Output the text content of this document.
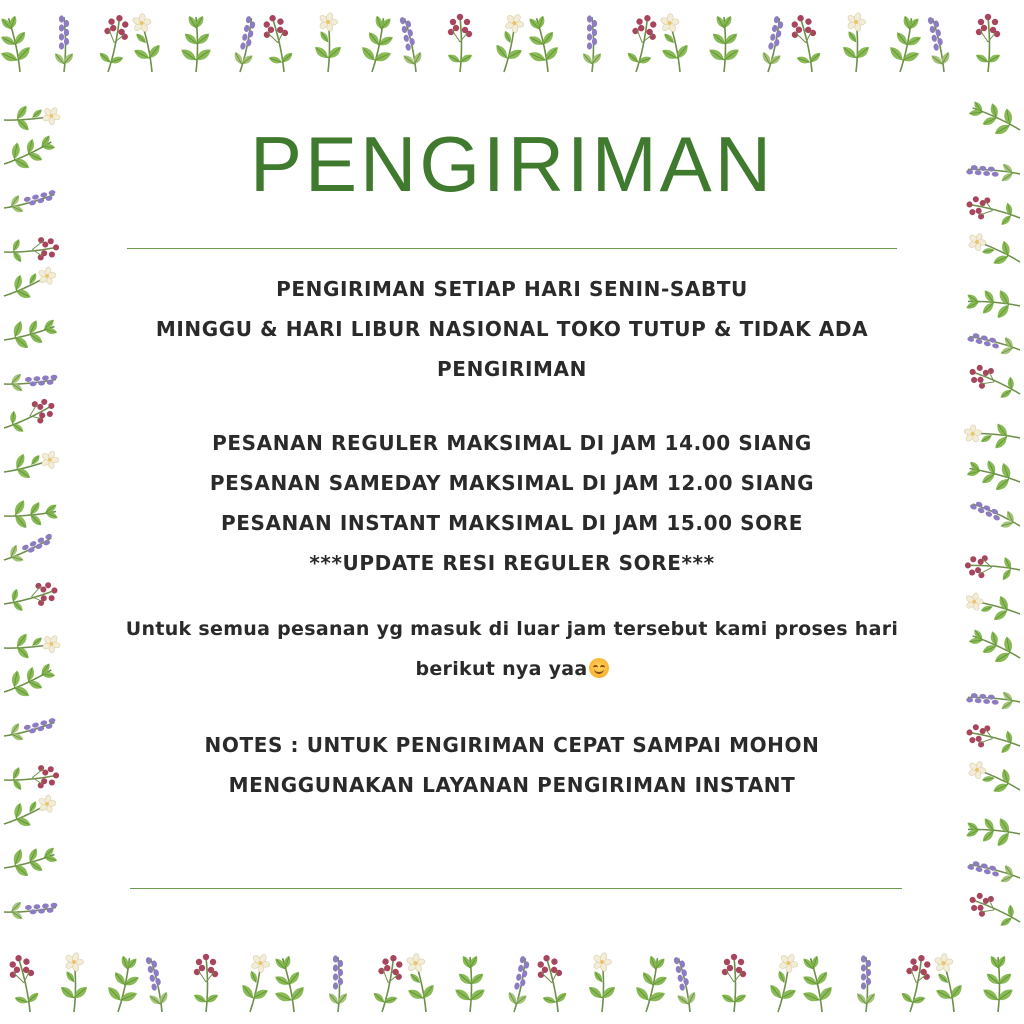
PENGIRIMAN

PENGIRIMAN SETIAP HARI SENIN-SABTU

MINGGU & HARI LIBUR NASIONAL TOKO TUTUP & TIDAK ADA

PENGIRIMAN

PESANAN REGULER MAKSIMAL DI JAM 14.00 SIANG

PESANAN SAMEDAY MAKSIMAL DI JAM 12.00 SIANG

PESANAN INSTANT MAKSIMAL DI JAM 15.00 SORE

***UPDATE RESI REGULER SORE***

Untuk semua pesanan yg masuk di luar jam tersebut kami proses hari

berikut nya yaa

NOTES : UNTUK PENGIRIMAN CEPAT SAMPAI MOHON

MENGGUNAKAN LAYANAN PENGIRIMAN INSTANT
